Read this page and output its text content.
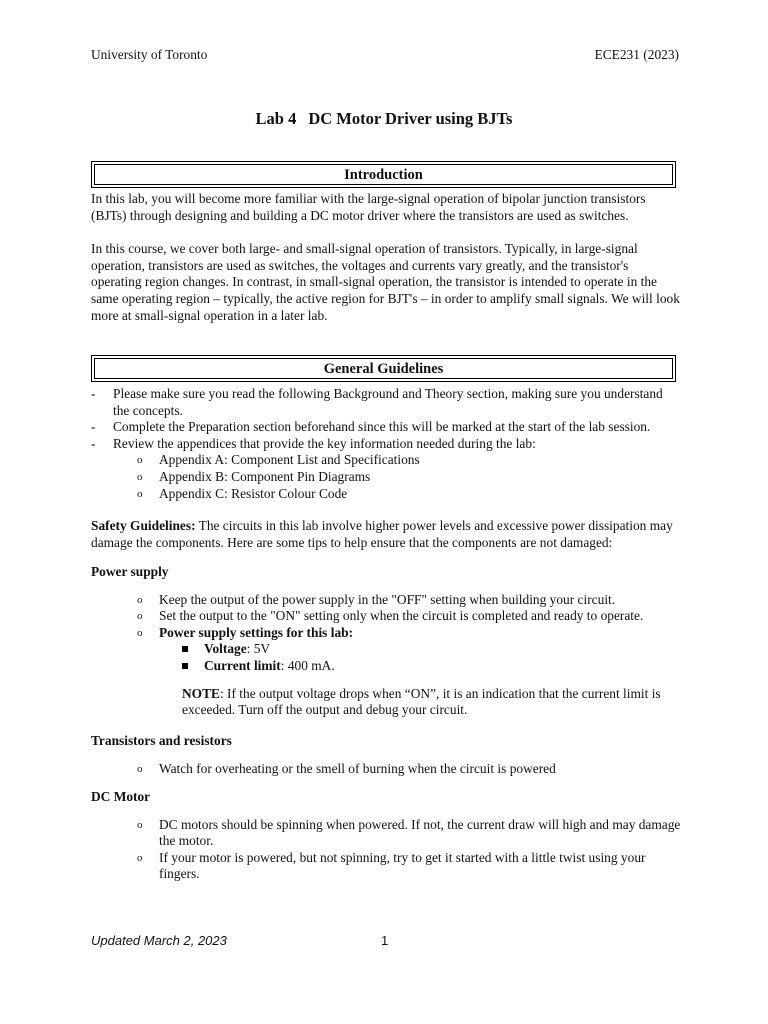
University of Toronto	ECE231 (2023)
Lab 4 DC Motor Driver using BJTs
Introduction

In this lab, you will become more familiar with the large-signal operation of bipolar junction transistors (BJTs) through designing and building a DC motor driver where the transistors are used as switches.

In this course, we cover both large- and small-signal operation of transistors. Typically, in large-signal operation, transistors are used as switches, the voltages and currents vary greatly, and the transistor's operating region changes. In contrast, in small-signal operation, the transistor is intended to operate in the same operating region – typically, the active region for BJT's – in order to amplify small signals. We will look more at small-signal operation in a later lab.

General Guidelines
- Please make sure you read the following Background and Theory section, making sure you understand the concepts.
- Complete the Preparation section beforehand since this will be marked at the start of the lab session.
- Review the appendices that provide the key information needed during the lab:
o Appendix A: Component List and Specifications
o Appendix B: Component Pin Diagrams
o Appendix C: Resistor Colour Code

Safety Guidelines: The circuits in this lab involve higher power levels and excessive power dissipation may damage the components. Here are some tips to help ensure that the components are not damaged:

Power supply

o Keep the output of the power supply in the "OFF" setting when building your circuit.
o Set the output to the "ON" setting only when the circuit is completed and ready to operate.
o Power supply settings for this lab:
Voltage: 5V
Current limit: 400 mA.

NOTE: If the output voltage drops when “ON”, it is an indication that the current limit is exceeded. Turn off the output and debug your circuit.

Transistors and resistors

o Watch for overheating or the smell of burning when the circuit is powered

DC Motor

o DC motors should be spinning when powered. If not, the current draw will high and may damage the motor.
o If your motor is powered, but not spinning, try to get it started with a little twist using your fingers.
Updated March 2, 2023	1
